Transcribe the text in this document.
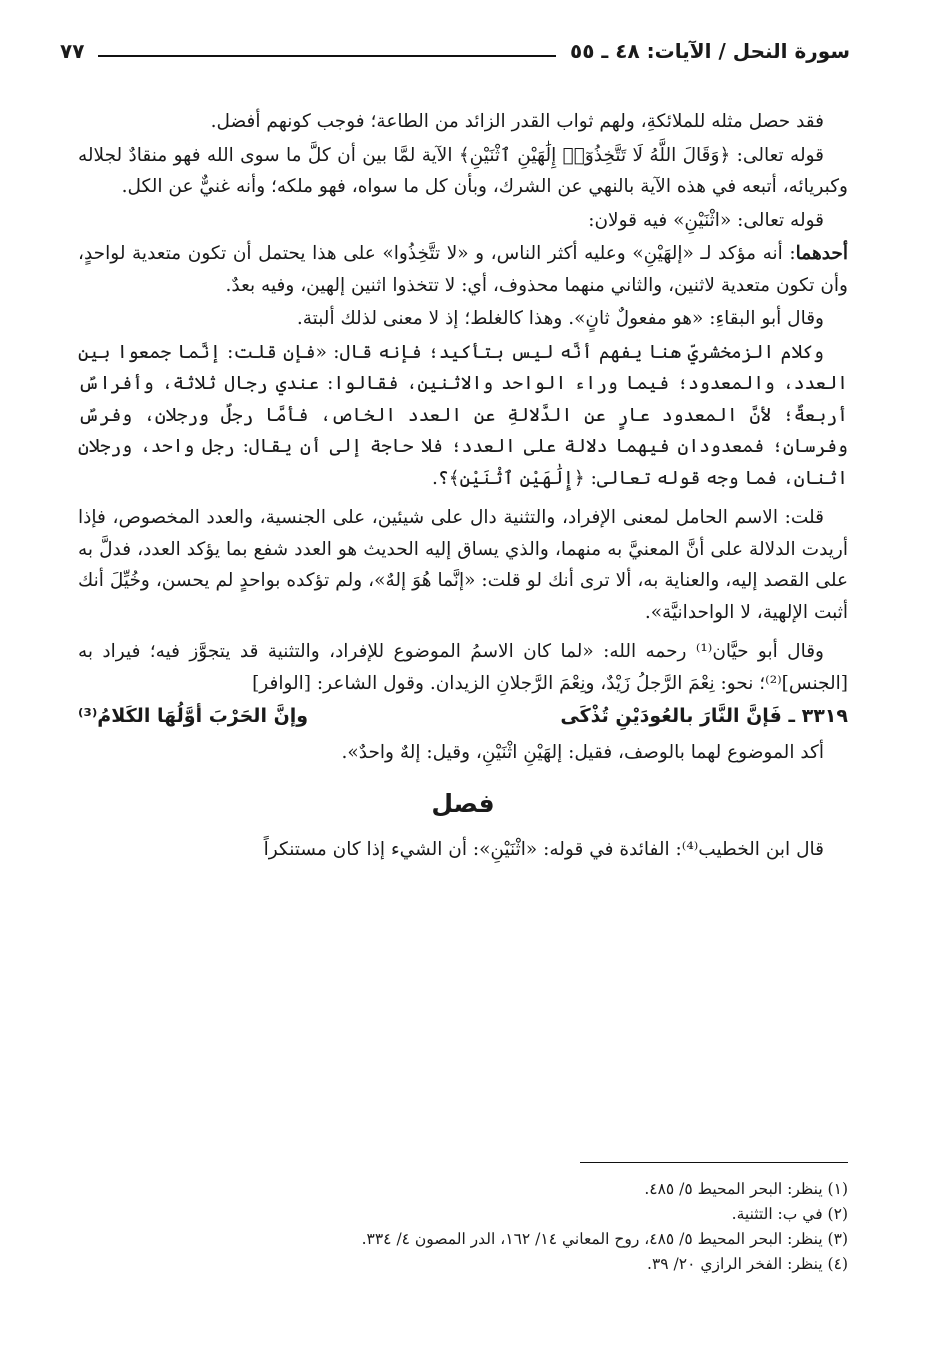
سورة النحل / الآيات: ٤٨ ـ ٥٥
٧٧

فقد حصل مثله للملائكةِ، ولهم ثواب القدر الزائد من الطاعة؛ فوجب كونهم أفضل.

قوله تعالى: ﴿وَقَالَ اللَّهُ لَا تَتَّخِذُوٓا۟ إِلَٰهَيْنِ ٱثْنَيْنِ﴾ الآية لمَّا بين أن كلَّ ما سوى الله فهو منقادٌ لجلاله وكبريائه، أتبعه في هذه الآية بالنهي عن الشرك، وبأن كل ما سواه، فهو ملكه؛ وأنه غنيٌّ عن الكل.

قوله تعالى: «اثْنَيْنِ» فيه قولان:

أحدهما: أنه مؤكد لـ «إلهَيْنِ» وعليه أكثر الناس، و «لا تتَّخِذُوا» على هذا يحتمل أن تكون متعدية لواحدٍ، وأن تكون متعدية لاثنين، والثاني منهما محذوف، أي: لا تتخذوا اثنين إلهين، وفيه بعدٌ.

وقال أبو البقاءِ: «هو مفعولٌ ثانٍ». وهذا كالغلط؛ إذ لا معنى لذلك ألبتة.

وكلام الزمخشريِّ هنا يفهم أنَّه ليس بتأكيد؛ فإنه قال: «فإن قلت: إنَّما جمعوا بين العدد، والمعدود؛ فيما وراء الواحد والاثنين، فقالوا: عندي رجال ثلاثة، وأفراسٌ أربعةٌ؛ لأنَّ المعدود عارٍ عن الدَّلالةِ عن العدد الخاص، فأمَّا رجلٌ ورجلان، وفرسٌ وفرسان؛ فمعدودان فيهما دلالة على العدد؛ فلا حاجة إلى أن يقال: رجل واحد، ورجلان اثنان، فما وجه قوله تعالى: ﴿إِلَٰهَيْنِ ٱثْنَيْنِ﴾؟.

قلت: الاسم الحامل لمعنى الإفراد، والتثنية دال على شيئين، على الجنسية، والعدد المخصوص، فإذا أريدت الدلالة على أنَّ المعنيَّ به منهما، والذي يساق إليه الحديث هو العدد شفع بما يؤكد العدد، فدلَّ به على القصد إليه، والعناية به، ألا ترى أنك لو قلت: «إنَّما هُوَ إلهٌ»، ولم تؤكده بواحدٍ لم يحسن، وخُيِّلَ أنك أثبت الإلهية، لا الواحدانيَّة».

وقال أبو حيَّان⁽¹⁾ رحمه الله: «لما كان الاسمُ الموضوع للإفراد، والتثنية قد يتجوَّز فيه؛ فيراد به [الجنس]⁽²⁾؛ نحو: نِعْمَ الرَّجلُ زَيْدٌ، ونِعْمَ الرَّجلانِ الزيدان. وقول الشاعر: [الوافر]

٣٣١٩ ـ فَإنَّ النَّارَ بالعُودَيْنِ تُذْكَى
وإنَّ الحَرْبَ أوَّلُهَا الكَلامُ⁽³⁾

أكد الموضوع لهما بالوصف، فقيل: إلهَيْنِ اثْنَيْنِ، وقيل: إلهٌ واحدٌ».

فصل

قال ابن الخطيب⁽⁴⁾: الفائدة في قوله: «اثْنَيْنِ»: أن الشيء إذا كان مستنكراً

(١) ينظر: البحر المحيط ٥/ ٤٨٥.
(٢) في ب: التثنية.
(٣) ينظر: البحر المحيط ٥/ ٤٨٥، روح المعاني ١٤/ ١٦٢، الدر المصون ٤/ ٣٣٤.
(٤) ينظر: الفخر الرازي ٢٠/ ٣٩.
